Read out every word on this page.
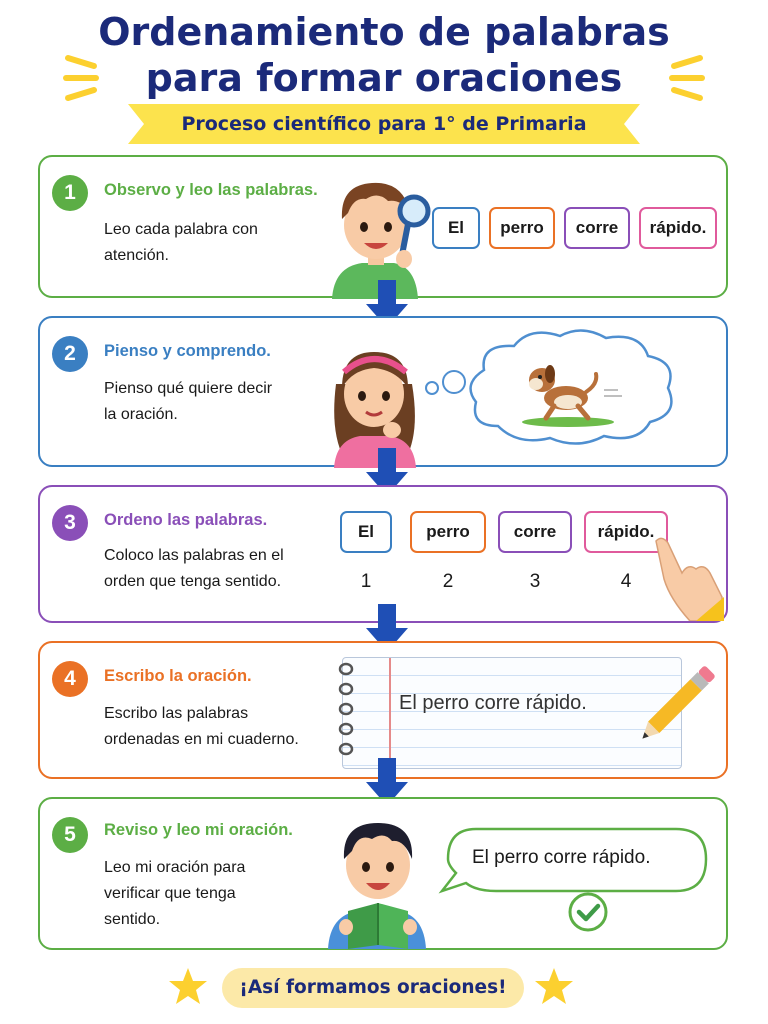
Ordenamiento de palabras
para formar oraciones
Proceso científico para 1° de Primaria
1	Observo y leo las palabras.
Leo cada palabra con
atención.
El	perro	corre	rápido.
2	Pienso y comprendo.
Pienso qué quiere decir
la oración.
3	Ordeno las palabras.
Coloco las palabras en el
orden que tenga sentido.
El	perro	corre	rápido.
1	2	3	4
4	Escribo la oración.
Escribo las palabras
ordenadas en mi cuaderno.
El perro corre rápido.
5	Reviso y leo mi oración.
Leo mi oración para
verificar que tenga
sentido.
El perro corre rápido.
¡Así formamos oraciones!
